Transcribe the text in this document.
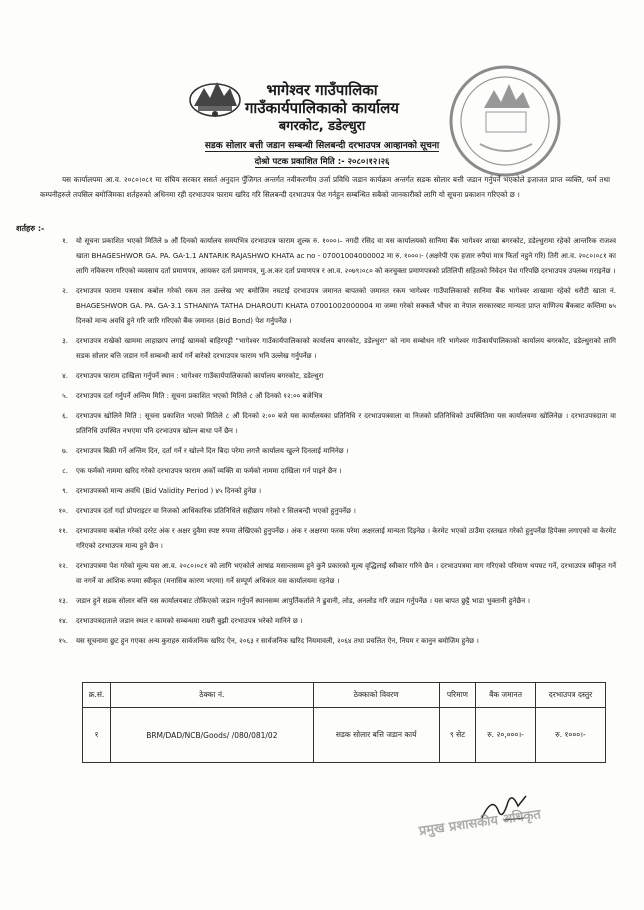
भागेश्वर गाउँपालिका
गाउँकार्यपालिकाको कार्यालय
बगरकोट, डडेल्धुरा
सडक सोलार बत्ती जडान सम्बन्धी सिलबन्दी दरभाउपत्र आव्हानको सूचना
दोश्रो पटक प्रकाशित मिति :- २०८०।१२।२६
यस कार्यालयमा आ.व. २०८०।०८१ मा संघिय सरकार ससर्त अनुदान पुँजिगत अन्तर्गत नवीकरणीय उर्जा प्रविधि जडान कार्यक्रम अन्तर्गत सडक सोलार बत्ती जडान गर्नुपर्ने भएकोले इजाजत प्राप्त व्यक्ति, फर्म तथा कम्पनीहरुले तपसिल बमोजिमका शर्तहरुको अधिनमा रही दरभाउपत्र फाराम खरिद गरि सिलबन्दी दरभाउपत्र पेश गर्नहुन सम्बन्धित सबैको जानकारीको लागि यो सूचना प्रकाशन गरिएको छ ।
शर्तहरु :-
१.	यो सूचना प्रकाशित भएको मितिले ७ औं दिनको कार्यालय समयभित्र दरभाउपत्र फाराम शुल्क रु. १०००।– नगदी रसिद वा यस कार्यालयको सानिमा बैंक भागेश्वर शाखा बगरकोट, डडेल्धुरामा रहेको आन्तरिक राजश्व खाता BHAGESHWOR GA. PA. GA-1.1 ANTARIK RAJASHWO KHATA ac no - 07001004000002 मा रु. १०००।- (अक्षरेपी एक हजार रुपैयां मात्र फिर्ता नहुने गरि) तिरी आ.व. २०८०।०८१ का लागि नविकरण गरिएको व्यवसाय दर्ता प्रमाणपत्र, आयकर दर्ता प्रमाणपत्र, मु.अ.कर दर्ता प्रमाणपत्र र आ.व. २०७९।०८० को करचुक्ता प्रमाणपत्रको प्रतिलिपी सहितको निवेदन पेश गरिपछि दरभाउपत्र उपलब्ध गराइनेछ ।
२.	दरभाउपत्र फाराम पत्रसाथ कबोल गरेको रकम तल उल्लेख भए बमोजिम नघटाई दरभाउपत्र जमानत बापतको जमानत रकम भागेश्वर गाउँपालिकाको सानिमा बैंक भागेश्वर शाखामा रहेको धरौटी खाता नं. BHAGESHWOR GA. PA. GA-3.1 STHANIYA TATHA DHAROUTI KHATA 07001002000004 मा जम्मा गरेको सक्कलै भौचर वा नेपाल सरकारबाट मान्यता प्राप्त वाणिज्य बैंकबाट कम्तिमा ७५ दिनको मान्य अवधि हुने गरि जारि गरिएको बैंक जमानत (Bid Bond) पेश गर्नुपर्नेछ ।
३.	दरभाउपत्र राखेको खाममा लाहाछाप लगाई खामको बाहिरपट्टी "भागेश्वर गाउँकार्यपालिकाको कार्यालय बगरकोट, डडेल्धुरा" को नाम सम्बोधन गरि भागेश्वर गाउँकार्यपालिकाको कार्यालय बगरकोट, डडेल्धुराको लागि सडक सोलार बत्ति जडान गर्ने सम्बन्धी कार्य गर्ने बारेको दरभाउपत्र फाराम भनि उल्लेख गर्नुपर्नेछ ।
४.	दरभाउपत्र फाराम दाखिला गर्नुपर्ने स्थान : भागेश्वर गाउँकार्यपालिकाको कार्यालय बगरकोट, डडेल्धुरा
५.	दरभाउपत्र दर्ता गर्नुपर्ने अन्तिम मिति : सूचना प्रकाशित भएको मितिले ८ औं दिनको १२:०० बजेभित्र
६.	दरभाउपत्र खोलिने मिति : सूचना प्रकाशित भएको मितिले ८ औं दिनको २:०० बजे यस कार्यालयका प्रतिनिधि र दरभाउपत्रवाला वा निजको प्रतिनिधिको उपस्थितिमा यस कार्यालयमा खोलिनेछ । दरभाउपत्रदाता वा प्रतिनिधि उपस्थित नभएमा पनि दरभाउपत्र खोल्न बाधा पर्ने छैन ।
७.	दरभाउपत्र बिक्री गर्ने अन्तिम दिन, दर्ता गर्ने र खोल्ने दिन बिदा परेमा लगत्तै कार्यालय खुल्ने दिनलाई मानिनेछ ।
८.	एक फर्मको नाममा खरिद गरेको दरभाउपत्र फाराम अर्को व्यक्ति वा फर्मको नाममा दाखिला गर्न पाइने छैन ।
९.	दरभाउपत्रको मान्य अवधि (Bid Validity Period ) ४५ दिनको हुनेछ ।
१०.	दरभाउपत्र दर्ता गर्दा प्रोपराइटर वा निजको आधिकारिक प्रतिनिधिले सहीछाप गरेको र सिलबन्दी भएको हुनुपर्नेछ ।
११.	दरभाउपत्रमा कबोल गरेको दररेट अंक र अक्षर दुवैमा स्पष्ट रुपमा लेखिएको हुनुपर्नेछ । अंक र अक्षरमा फरक परेमा अक्षरलाई मान्यता दिइनेछ । केरमेट भएको ठाउँमा दस्तखत गरेको हुनुपर्नेछ हिपेक्स लगाएको वा केरमेट गरिएको दरभाउपत्र मान्य हुने छैन ।
१२.	दरभाउपत्रमा पेश गरेको मूल्य यस आ.व. २०८०।०८१ को लागि भएकोले आषाढ मसान्तसम्म हुने कुनै प्रकारको मूल्य वृद्धिलाई स्वीकार गरिने छैन । दरभाउपत्रमा माग गरिएको परिमाण थपघट गर्ने, दरभाउपत्र स्वीकृत गर्ने वा नगर्ने वा आंशिक रुपमा स्वीकृत (मनासिब कारण भएमा) गर्ने सम्पूर्ण अधिकार यस कार्यालयमा रहनेछ ।
१३.	जडान हुने सडक सोलार बत्ति यस कार्यालयबाट तोकिएको जडान गर्नुपर्ने स्थानसम्म आपुर्तिकर्ताले नै ढुवानी, लोड, अनलोड गरि जडान गर्नुपर्नेछ । यस बापत छुट्टै भाडा भुक्तानी हुनेछैन ।
१४.	दरभाउपत्रदाताले जडान स्थल र कामको सम्बन्धमा राम्ररी बुझी दरभाउपत्र भरेको मानिने छ ।
१५.	यस सूचनामा छुट हुन गएका अन्य कुराहरु सार्वजनिक खरिद ऐन, २०६३ र सार्वजनिक खरिद नियमावली, २०६४ तथा प्रचलित ऐन, नियम र कानुन बमोजिम हुनेछ ।
क्र.सं.	ठेक्का नं.	ठेक्काको विवरण	परिमाण	बैंक जमानत	दरभाउपत्र दस्तुर
१	BRM/DAD/NCB/Goods/ /080/081/02	सडक सोलार बत्ति जडान कार्य	९ सेट	रु. २०,०००।-	रु. १०००।-
प्रमुख प्रशासकीय अधिकृत
